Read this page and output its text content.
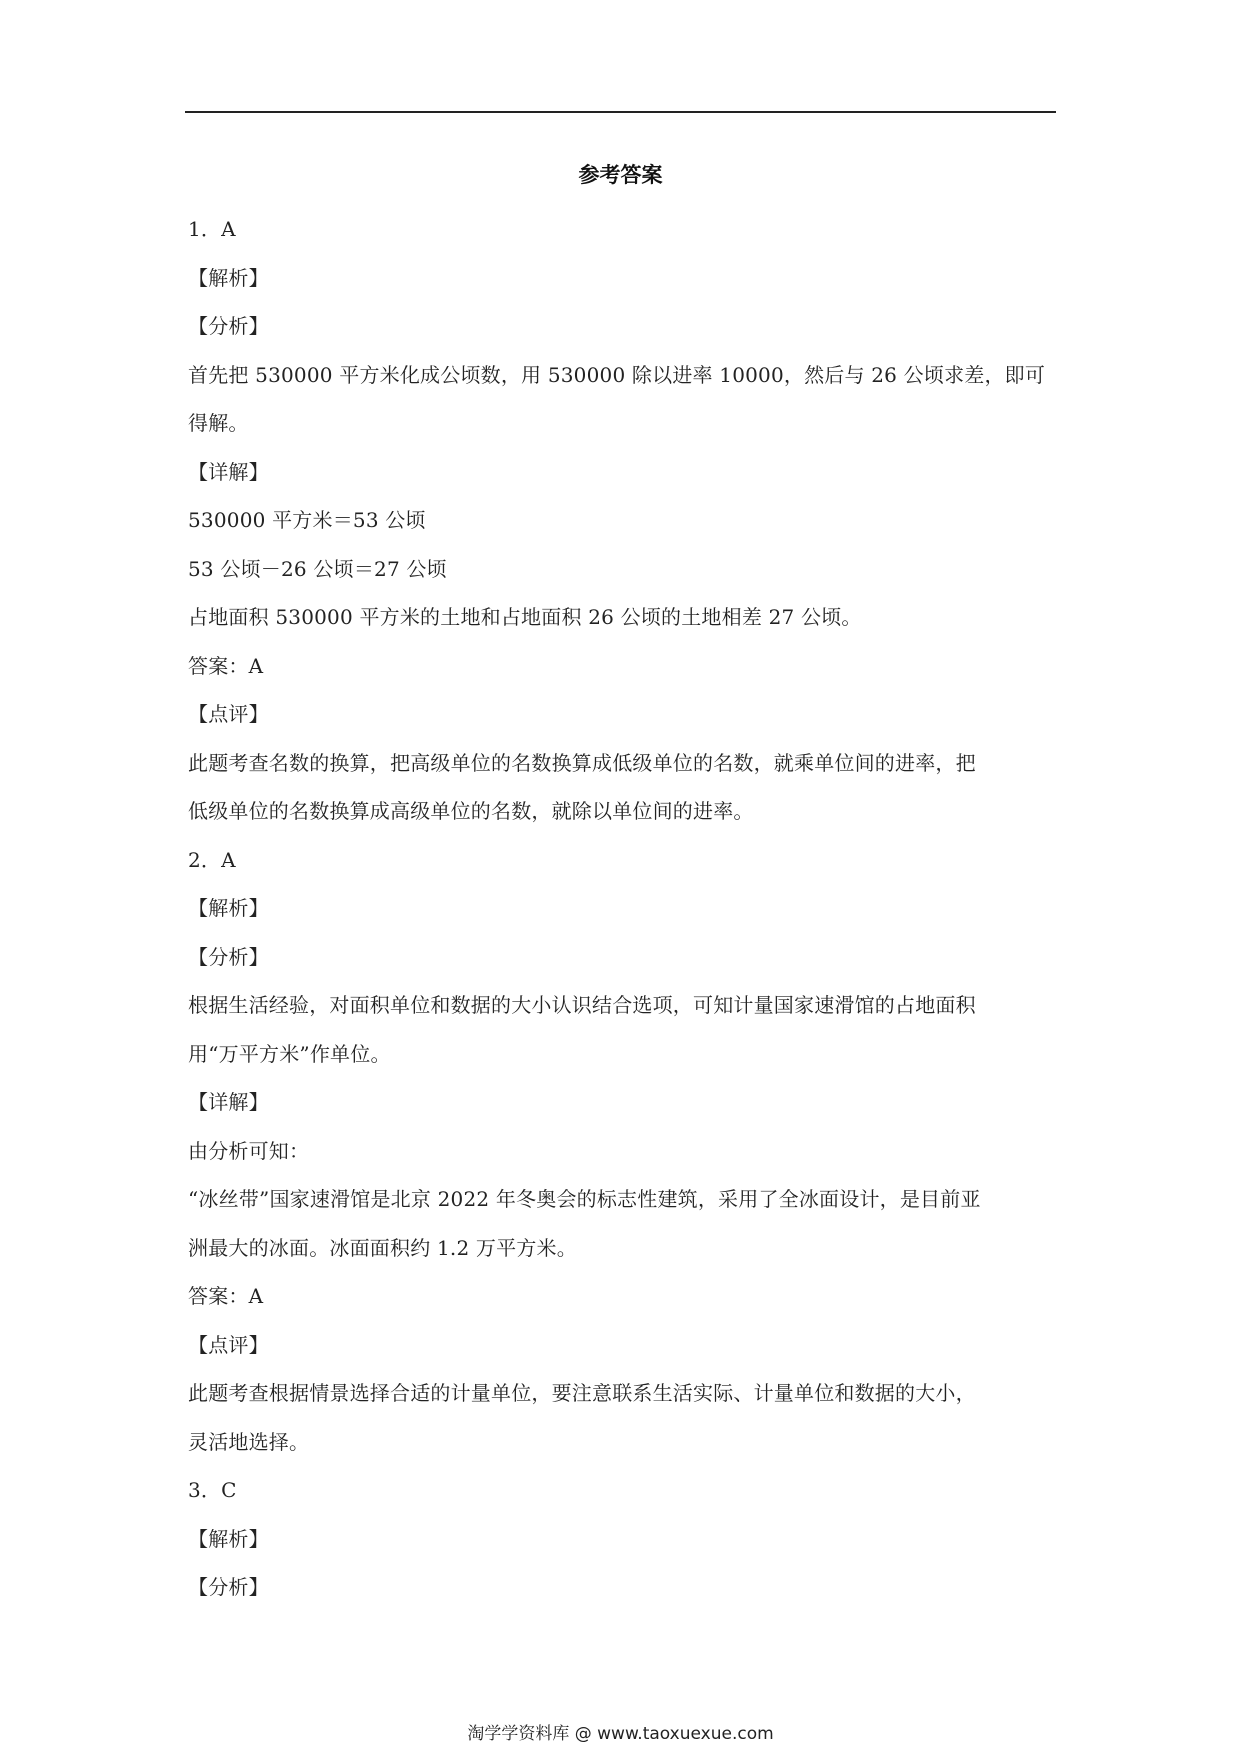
参考答案
1．A
【解析】
【分析】
首先把 530000 平方米化成公顷数，用 530000 除以进率 10000，然后与 26 公顷求差，即可
得解。
【详解】
530000 平方米＝53 公顷
53 公顷－26 公顷＝27 公顷
占地面积 530000 平方米的土地和占地面积 26 公顷的土地相差 27 公顷。
答案：A
【点评】
此题考查名数的换算，把高级单位的名数换算成低级单位的名数，就乘单位间的进率，把
低级单位的名数换算成高级单位的名数，就除以单位间的进率。
2．A
【解析】
【分析】
根据生活经验，对面积单位和数据的大小认识结合选项，可知计量国家速滑馆的占地面积
用“万平方米”作单位。
【详解】
由分析可知：
“冰丝带”国家速滑馆是北京 2022 年冬奥会的标志性建筑，采用了全冰面设计，是目前亚
洲最大的冰面。冰面面积约 1.2 万平方米。
答案：A
【点评】
此题考查根据情景选择合适的计量单位，要注意联系生活实际、计量单位和数据的大小，
灵活地选择。
3．C
【解析】
【分析】
淘学学资料库 @ www.taoxuexue.com
